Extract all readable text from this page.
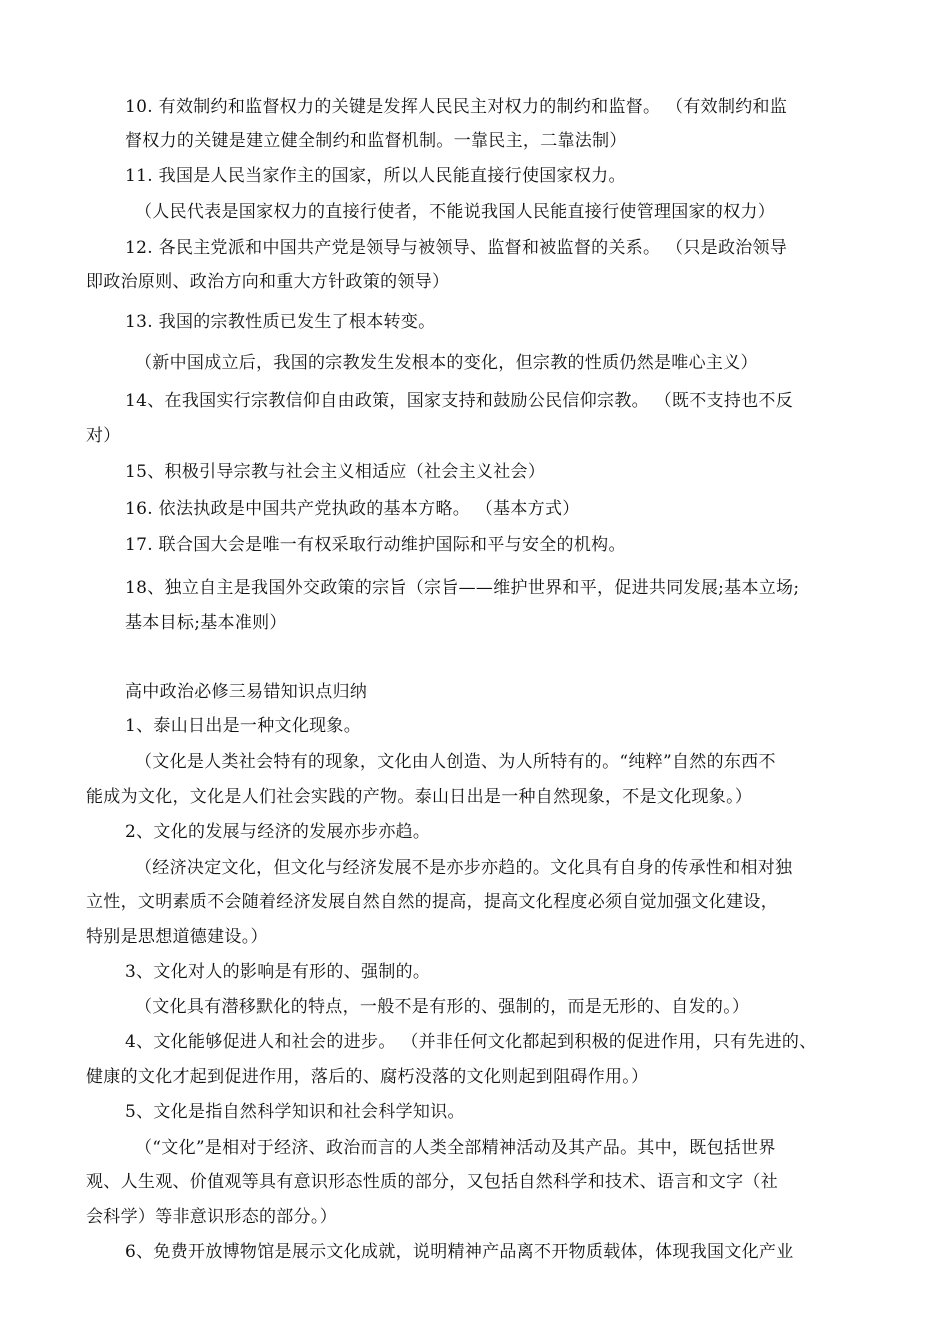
10. 有效制约和监督权力的关键是发挥人民民主对权力的制约和监督。 （有效制约和监
督权力的关键是建立健全制约和监督机制。一靠民主，二靠法制）
11. 我国是人民当家作主的国家，所以人民能直接行使国家权力。
（人民代表是国家权力的直接行使者，不能说我国人民能直接行使管理国家的权力）
12. 各民主党派和中国共产党是领导与被领导、监督和被监督的关系。 （只是政治领导
即政治原则、政治方向和重大方针政策的领导）
13. 我国的宗教性质已发生了根本转变。
（新中国成立后，我国的宗教发生发根本的变化，但宗教的性质仍然是唯心主义）
14、在我国实行宗教信仰自由政策，国家支持和鼓励公民信仰宗教。 （既不支持也不反
对）
15、积极引导宗教与社会主义相适应（社会主义社会）
16. 依法执政是中国共产党执政的基本方略。 （基本方式）
17. 联合国大会是唯一有权采取行动维护国际和平与安全的机构。
18、独立自主是我国外交政策的宗旨（宗旨——维护世界和平，促进共同发展;基本立场;
基本目标;基本准则）
高中政治必修三易错知识点归纳
1、泰山日出是一种文化现象。
（文化是人类社会特有的现象，文化由人创造、为人所特有的。“纯粹”自然的东西不
能成为文化，文化是人们社会实践的产物。泰山日出是一种自然现象，不是文化现象。）
2、文化的发展与经济的发展亦步亦趋。
（经济决定文化，但文化与经济发展不是亦步亦趋的。文化具有自身的传承性和相对独
立性，文明素质不会随着经济发展自然自然的提高，提高文化程度必须自觉加强文化建设，
特别是思想道德建设。）
3、文化对人的影响是有形的、强制的。
（文化具有潜移默化的特点，一般不是有形的、强制的，而是无形的、自发的。）
4、文化能够促进人和社会的进步。 （并非任何文化都起到积极的促进作用，只有先进的、
健康的文化才起到促进作用，落后的、腐朽没落的文化则起到阻碍作用。）
5、文化是指自然科学知识和社会科学知识。
（“文化”是相对于经济、政治而言的人类全部精神活动及其产品。其中，既包括世界
观、人生观、价值观等具有意识形态性质的部分，又包括自然科学和技术、语言和文字（社
会科学）等非意识形态的部分。）
6、免费开放博物馆是展示文化成就，说明精神产品离不开物质载体，体现我国文化产业
